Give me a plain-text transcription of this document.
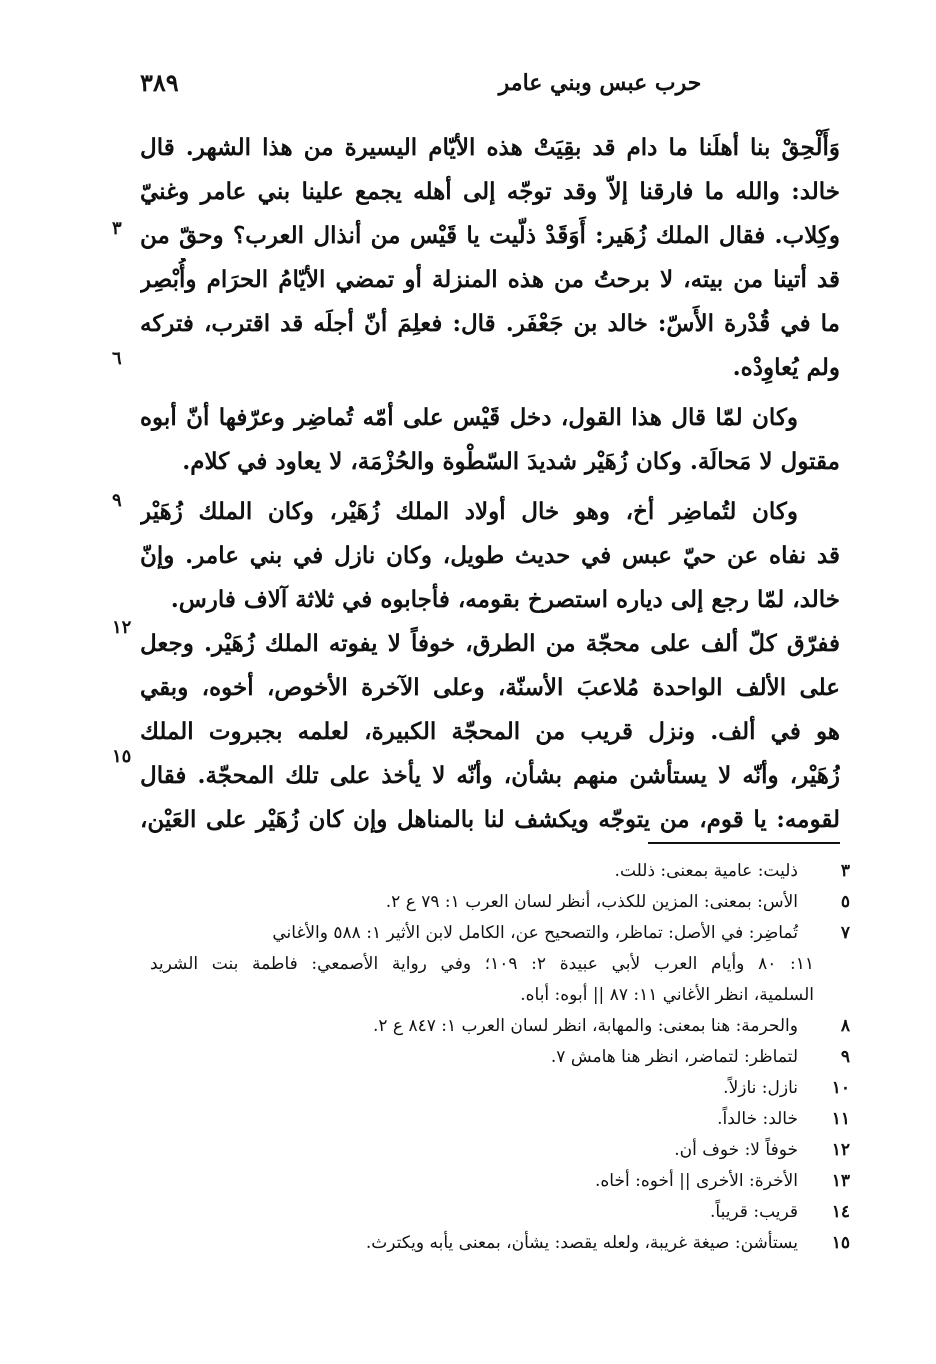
٣٨٩	حرب عبس وبني عامر
وَأَلْحِقْ بنا أهلَنا ما دام قد بقِيَتْ هذه الأيّام اليسيرة من هذا الشهر. قال
خالد: والله ما فارقنا إلاّ وقد توجّه إلى أهله يجمع علينا بني عامر وغنيّ
وكِلاب. فقال الملك زُهَير: أَوَقَدْ ذلّيت يا قَيْس من أنذال العرب؟ وحقّ من
قد أتينا من بيته، لا برحتُ من هذه المنزلة أو تمضي الأيّامُ الحرَام وأُبْصِر
ما في قُدْرة الأَسّ: خالد بن جَعْفَر. قال: فعلِمَ أنّ أجلَه قد اقترب، فتركه
ولم يُعاوِدْه.
وكان لمّا قال هذا القول، دخل قَيْس على أمّه تُماضِر وعرّفها أنّ أبوه
مقتول لا مَحالَة. وكان زُهَيْر شديدَ السّطْوة والحُزْمَة، لا يعاود في كلام.
وكان لتُماضِر أخ، وهو خال أولاد الملك زُهَيْر، وكان الملك زُهَيْر
قد نفاه عن حيّ عبس في حديث طويل، وكان نازل في بني عامر. وإنّ
خالد، لمّا رجع إلى دياره استصرخ بقومه، فأجابوه في ثلاثة آلاف فارس.
ففرّق كلّ ألف على محجّة من الطرق، خوفاً لا يفوته الملك زُهَيْر. وجعل
على الألف الواحدة مُلاعبَ الأسنّة، وعلى الآخرة الأخوص، أخوه، وبقي
هو في ألف. ونزل قريب من المحجّة الكبيرة، لعلمه بجبروت الملك
زُهَيْر، وأنّه لا يستأشن منهم بشأن، وأنّه لا يأخذ على تلك المحجّة. فقال
لقومه: يا قوم، من يتوجّه ويكشف لنا بالمناهل وإن كان زُهَيْر على العَيْن،
٣
٦
٩
١٢
١٥
٣
ذليت: عامية بمعنى: ذللت.
٥
الأس: بمعنى: المزين للكذب، أنظر لسان العرب ١: ٧٩ ع ٢.
٧
تُماضِر: في الأصل: تماظر، والتصحيح عن، الكامل لابن الأثير ١: ٥٨٨ والأغاني
١١: ٨٠ وأيام العرب لأبي عبيدة ٢: ١٠٩؛ وفي رواية الأصمعي: فاطمة بنت الشريد
السلمية، انظر الأغاني ١١: ٨٧ || أبوه: أباه.
٨
والحرمة: هنا بمعنى: والمهابة، انظر لسان العرب ١: ٨٤٧ ع ٢.
٩
لتماظر: لتماضر، انظر هنا هامش ٧.
١٠
نازل: نازلاً.
١١
خالد: خالداً.
١٢
خوفاً لا: خوف أن.
١٣
الأخرة: الأخرى || أخوه: أخاه.
١٤
قريب: قريباً.
١٥
يستأشن: صيغة غريبة، ولعله يقصد: يشأن، بمعنى يأبه ويكترث.
